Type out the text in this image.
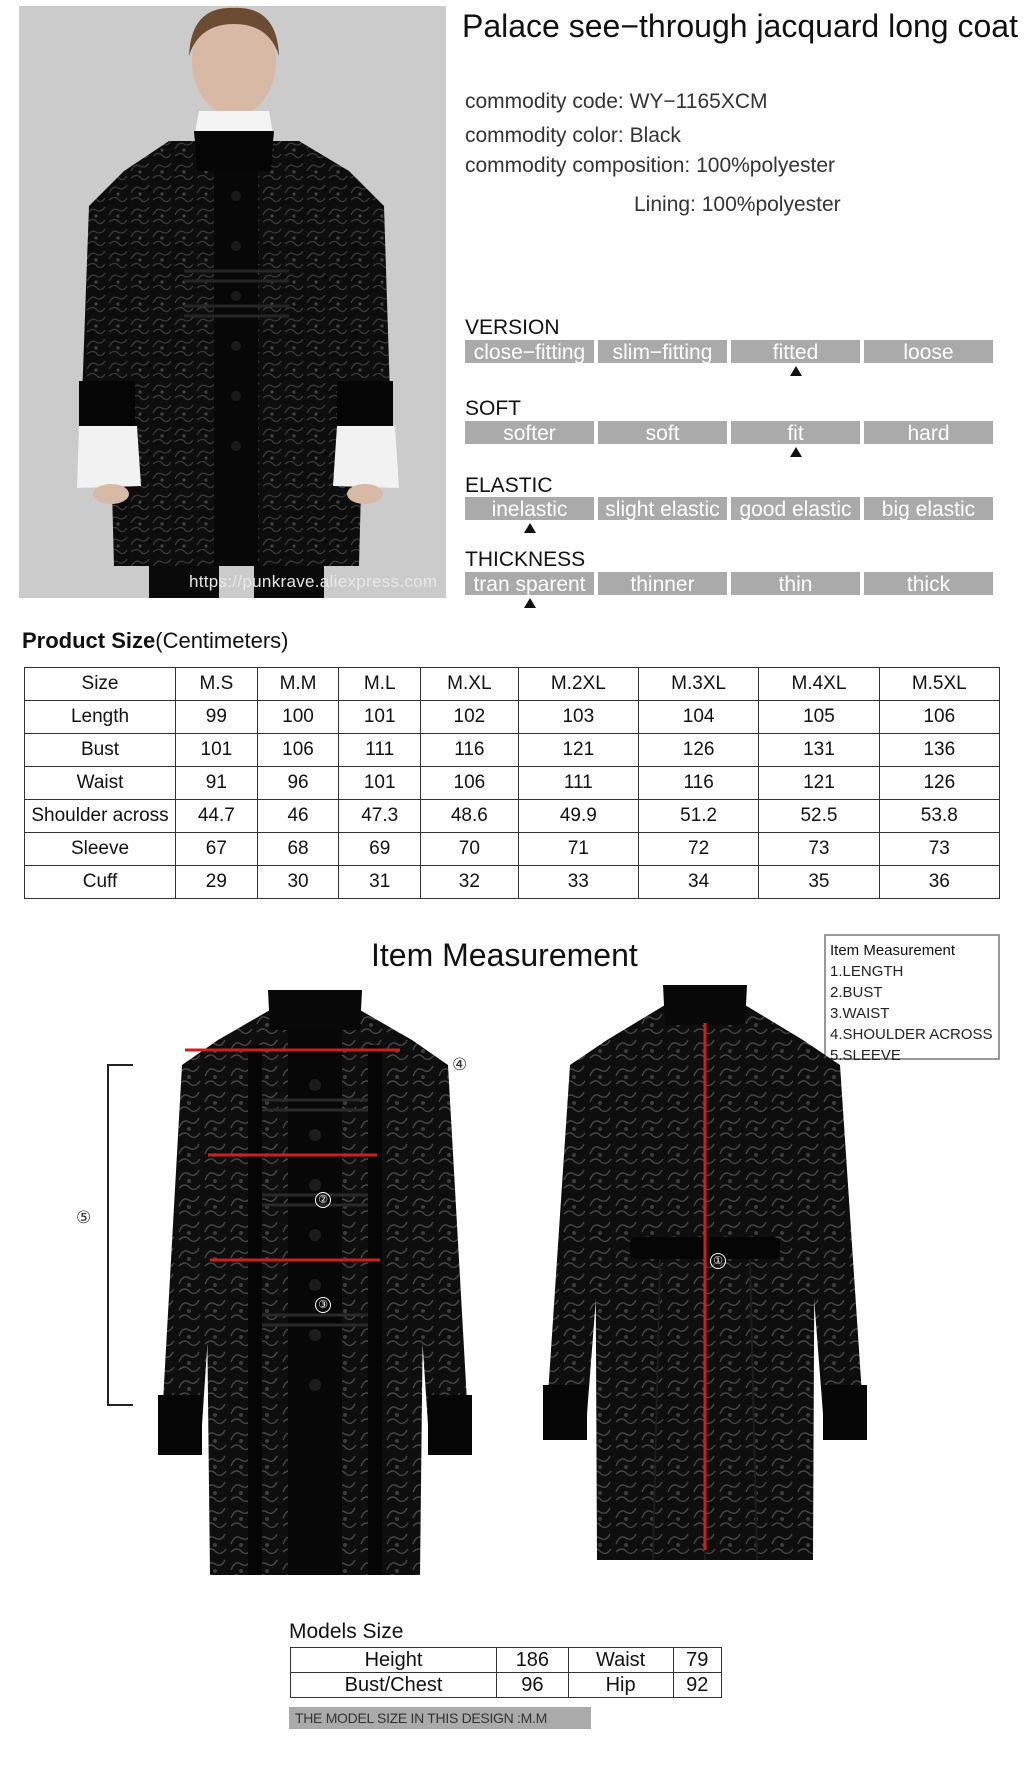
https://punkrave.aliexpress.com
Palace see−through jacquard long coat
commodity code: WY−1165XCM
commodity color: Black
commodity composition: 100%polyester
Lining: 100%polyester
VERSION
close−fitting	slim−fitting	fitted	loose
SOFT
softer	soft	fit	hard
ELASTIC
inelastic	slight elastic good elastic	big elastic
THICKNESS
tran sparent	thinner	thin	thick
Product Size(Centimeters)
Size	M.S	M.M	M.L	M.XL	M.2XL	M.3XL	M.4XL	M.5XL
Length	99	100	101	102	103	104	105	106
Bust	101	106	111	116	121	126	131	136
Waist	91	96	101	106	111	116	121	126
Shoulder across	44.7	46	47.3	48.6	49.9	51.2	52.5	53.8
Sleeve	67	68	69	70	71	72	73	73
Cuff	29	30	31	32	33	34	35	36
Item Measurement	Item Measurement
1.LENGTH
2.BUST
3.WAIST
4.SHOULDER ACROSS
5.SLEEVE
⑤
②
③
④
①
Models Size
Height	186	Waist	79
Bust/Chest	96	Hip	92
THE MODEL SIZE IN THIS DESIGN :M.M
